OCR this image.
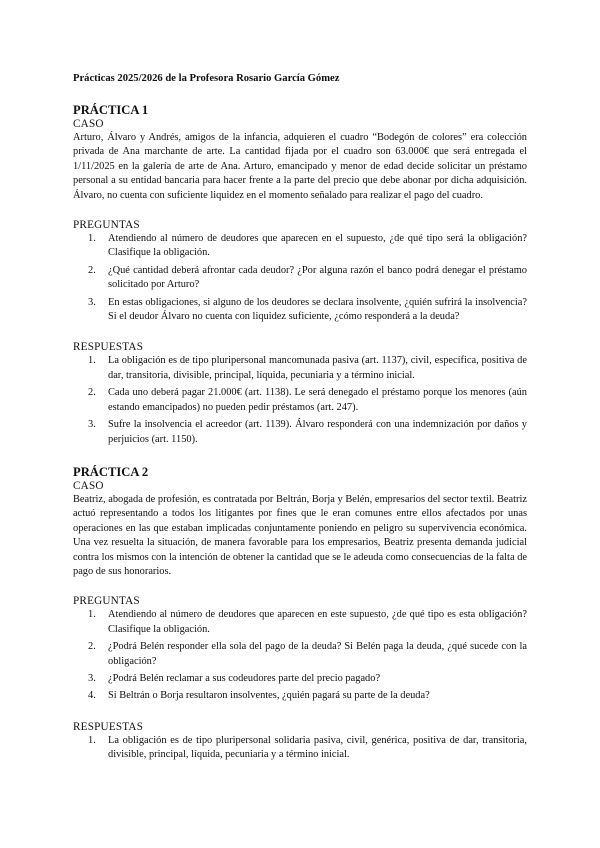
Prácticas 2025/2026 de la Profesora Rosario García Gómez

PRÁCTICA 1

CASO

Arturo, Álvaro y Andrés, amigos de la infancia, adquieren el cuadro “Bodegón de colores” era colección privada de Ana marchante de arte. La cantidad fijada por el cuadro son 63.000€ que será entregada el 1/11/2025 en la galería de arte de Ana. Arturo, emancipado y menor de edad decide solicitar un préstamo personal a su entidad bancaria para hacer frente a la parte del precio que debe abonar por dicha adquisición. Álvaro, no cuenta con suficiente liquidez en el momento señalado para realizar el pago del cuadro.

PREGUNTAS

1. Atendiendo al número de deudores que aparecen en el supuesto, ¿de qué tipo será la obligación? Clasifique la obligación.
2. ¿Qué cantidad deberá afrontar cada deudor? ¿Por alguna razón el banco podrá denegar el préstamo solicitado por Arturo?
3. En estas obligaciones, si alguno de los deudores se declara insolvente, ¿quién sufrirá la insolvencia? Si el deudor Álvaro no cuenta con liquidez suficiente, ¿cómo responderá a la deuda?

RESPUESTAS

1. La obligación es de tipo pluripersonal mancomunada pasiva (art. 1137), civil, específica, positiva de dar, transitoria, divisible, principal, líquida, pecuniaria y a término inicial.
2. Cada uno deberá pagar 21.000€ (art. 1138). Le será denegado el préstamo porque los menores (aún estando emancipados) no pueden pedir préstamos (art. 247).
3. Sufre la insolvencia el acreedor (art. 1139). Álvaro responderá con una indemnización por daños y perjuicios (art. 1150).

PRÁCTICA 2

CASO

Beatriz, abogada de profesión, es contratada por Beltrán, Borja y Belén, empresarios del sector textil. Beatriz actuó representando a todos los litigantes por fines que le eran comunes entre ellos afectados por unas operaciones en las que estaban implicadas conjuntamente poniendo en peligro su supervivencia económica. Una vez resuelta la situación, de manera favorable para los empresarios, Beatriz presenta demanda judicial contra los mismos con la intención de obtener la cantidad que se le adeuda como consecuencias de la falta de pago de sus honorarios.

PREGUNTAS

1. Atendiendo al número de deudores que aparecen en este supuesto, ¿de qué tipo es esta obligación? Clasifique la obligación.
2. ¿Podrá Belén responder ella sola del pago de la deuda? Si Belén paga la deuda, ¿qué sucede con la obligación?
3. ¿Podrá Belén reclamar a sus codeudores parte del precio pagado?
4. Si Beltrán o Borja resultaron insolventes, ¿quién pagará su parte de la deuda?

RESPUESTAS

1. La obligación es de tipo pluripersonal solidaria pasiva, civil, genérica, positiva de dar, transitoria, divisible, principal, líquida, pecuniaria y a término inicial.
